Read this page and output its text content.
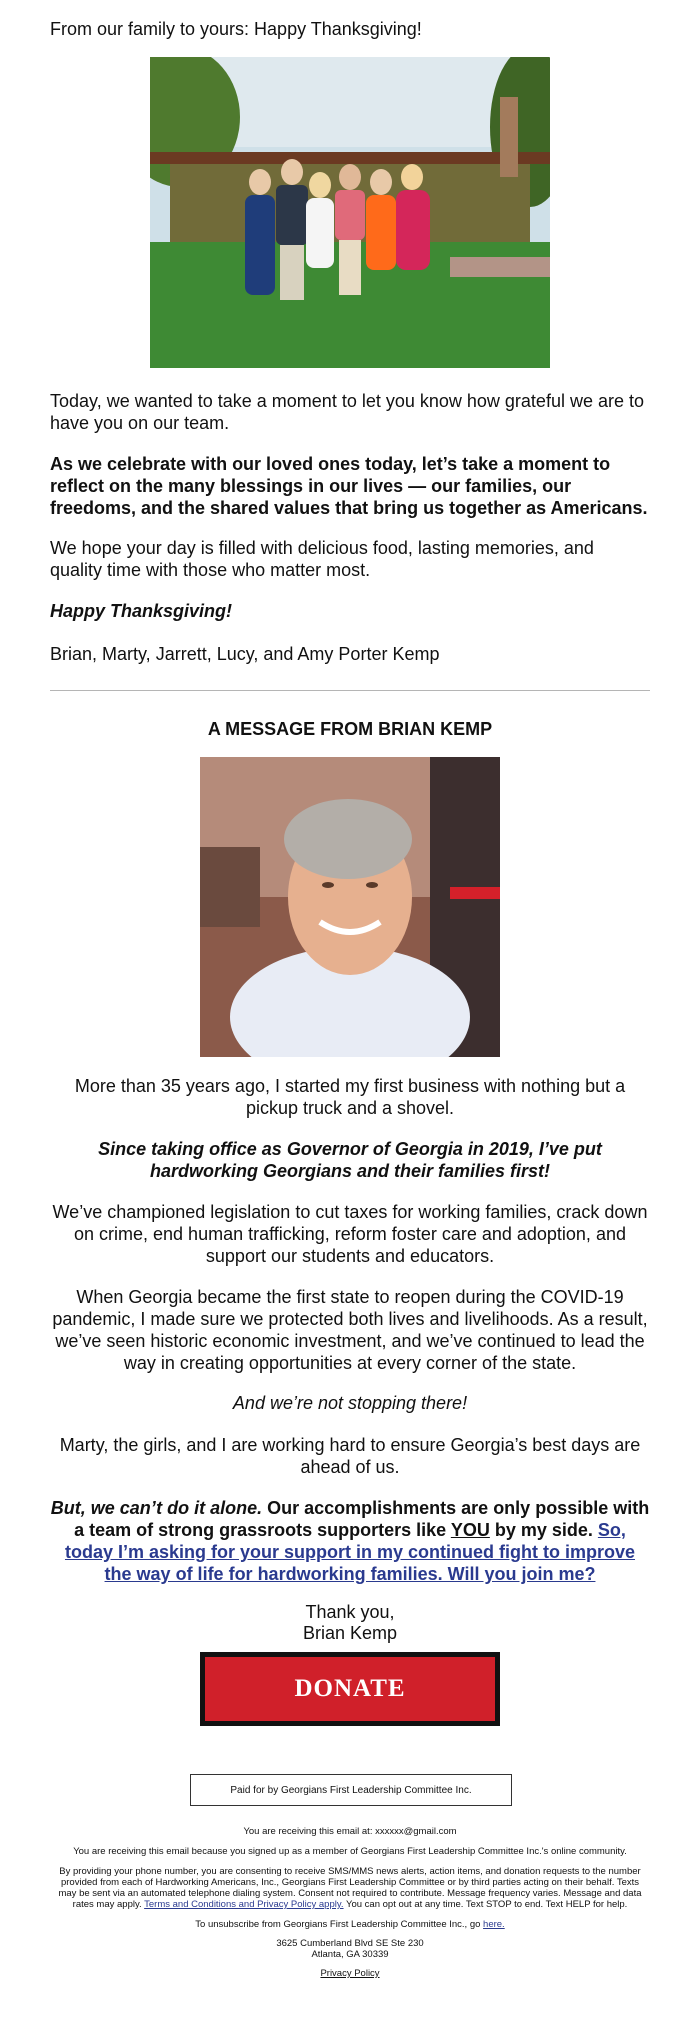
From our family to yours: Happy Thanksgiving!

Today, we wanted to take a moment to let you know how grateful we are to have you on our team.

As we celebrate with our loved ones today, let’s take a moment to reflect on the many blessings in our lives — our families, our freedoms, and the shared values that bring us together as Americans.

We hope your day is filled with delicious food, lasting memories, and quality time with those who matter most.

Happy Thanksgiving!

Brian, Marty, Jarrett, Lucy, and Amy Porter Kemp

A MESSAGE FROM BRIAN KEMP

More than 35 years ago, I started my first business with nothing but a pickup truck and a shovel.

Since taking office as Governor of Georgia in 2019, I’ve put hardworking Georgians and their families first!

We’ve championed legislation to cut taxes for working families, crack down on crime, end human trafficking, reform foster care and adoption, and support our students and educators.

When Georgia became the first state to reopen during the COVID-19 pandemic, I made sure we protected both lives and livelihoods. As a result, we’ve seen historic economic investment, and we’ve continued to lead the way in creating opportunities at every corner of the state.

And we’re not stopping there!

Marty, the girls, and I are working hard to ensure Georgia’s best days are ahead of us.

But, we can’t do it alone. Our accomplishments are only possible with a team of strong grassroots supporters like YOU by my side. So, today I’m asking for your support in my continued fight to improve the way of life for hardworking families. Will you join me?

Thank you,

Brian Kemp

DONATE
Paid for by Georgians First Leadership Committee Inc.

You are receiving this email at: xxxxxx@gmail.com

You are receiving this email because you signed up as a member of Georgians First Leadership Committee Inc.'s online community.

By providing your phone number, you are consenting to receive SMS/MMS news alerts, action items, and donation requests to the number provided from each of Hardworking Americans, Inc., Georgians First Leadership Committee or by third parties acting on their behalf. Texts may be sent via an automated telephone dialing system. Consent not required to contribute. Message frequency varies. Message and data rates may apply. Terms and Conditions and Privacy Policy apply. You can opt out at any time. Text STOP to end. Text HELP for help.

To unsubscribe from Georgians First Leadership Committee Inc., go here.

3625 Cumberland Blvd SE Ste 230

Atlanta, GA 30339

Privacy Policy
